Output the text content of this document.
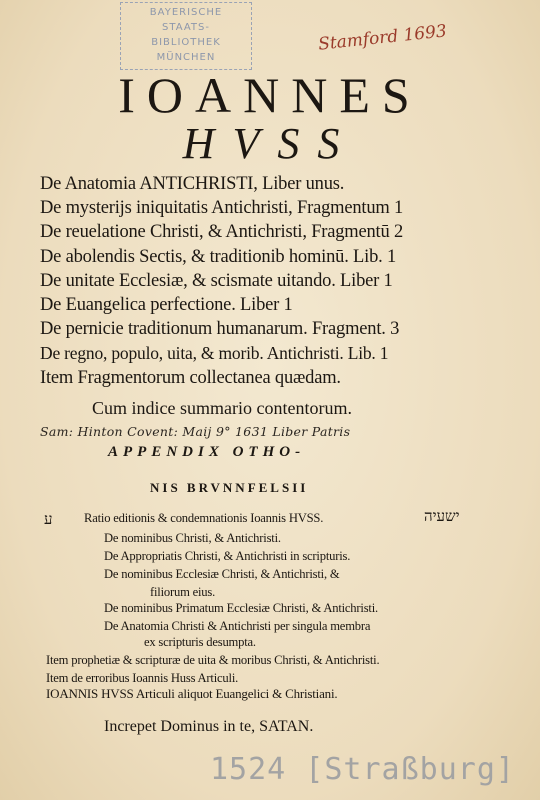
BAYERISCHE
STAATS-
BIBLIOTHEK
MÜNCHEN
Stamford 1693
IOANNES
HVSS
De Anatomia ANTICHRISTI, Liber unus.
De mysterijs iniquitatis Antichristi, Fragmentum 1
De reuelatione Christi, & Antichristi, Fragmentū 2
De abolendis Sectis, & traditionib hominū. Lib. 1
De unitate Ecclesiæ, & scismate uitando. Liber 1
De Euangelica perfectione. Liber 1
De pernicie traditionum humanarum. Fragment. 3
De regno, populo, uita, & morib. Antichristi. Lib. 1
Item Fragmentorum collectanea quædam.
Cum indice summario contentorum.
Sam: Hinton Covent: Maij 9° 1631 Liber Patris
APPENDIX OTHO-
NIS BRVNNFELSII
ע	ישעיה
Ratio editionis & condemnationis Ioannis HVSS.
De nominibus Christi, & Antichristi.
De Appropriatis Christi, & Antichristi in scripturis.
De nominibus Ecclesiæ Christi, & Antichristi, &
filiorum eius.
De nominibus Primatum Ecclesiæ Christi, & Antichristi.
De Anatomia Christi & Antichristi per singula membra
ex scripturis desumpta.
Item prophetiæ & scripturæ de uita & moribus Christi, & Antichristi.
Item de erroribus Ioannis Huss Articuli.
IOANNIS HVSS Articuli aliquot Euangelici & Christiani.
Increpet Dominus in te, SATAN.
1524 [Straßburg]
